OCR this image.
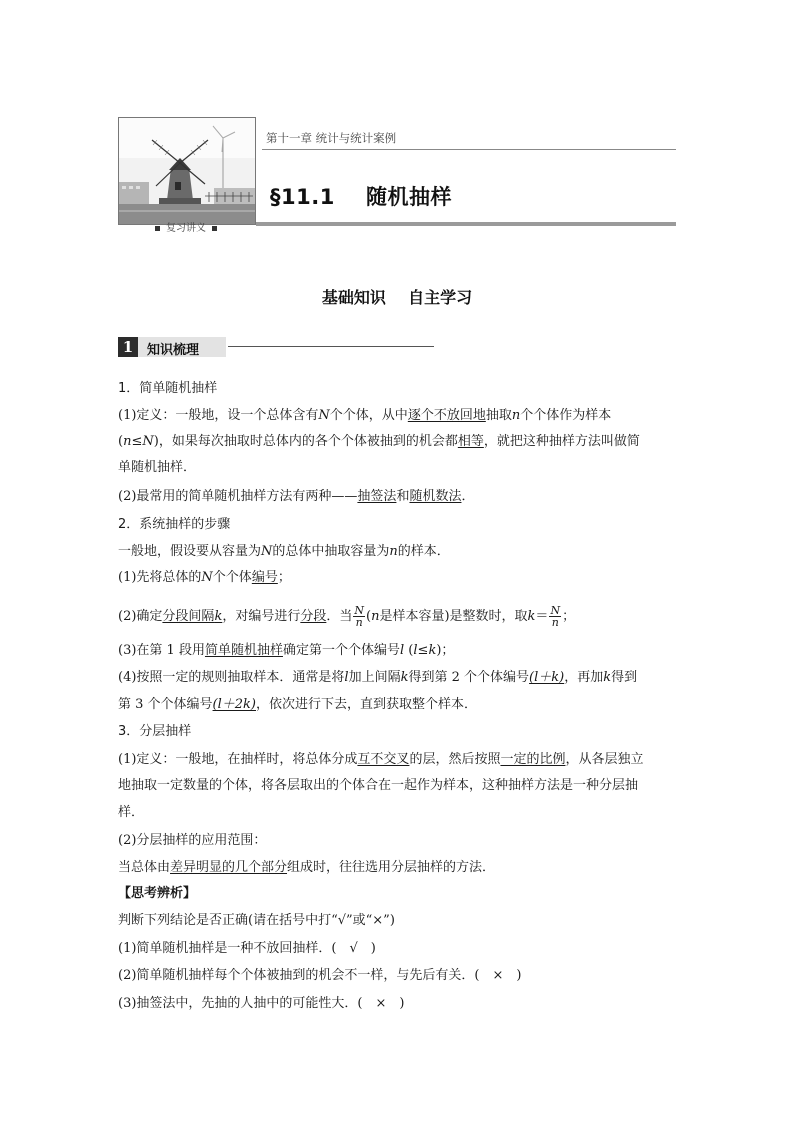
复习讲义
第十一章 统计与统计案例
§11.1    随机抽样
基础知识    自主学习
1	知识梳理
1．简单随机抽样
(1)定义：一般地，设一个总体含有N个个体，从中逐个不放回地抽取n个个体作为样本
(n≤N)，如果每次抽取时总体内的各个个体被抽到的机会都相等，就把这种抽样方法叫做简
单随机抽样．
(2)最常用的简单随机抽样方法有两种——抽签法和随机数法．
2．系统抽样的步骤
一般地，假设要从容量为N的总体中抽取容量为n的样本．
(1)先将总体的N个个体编号；
(2)确定分段间隔k，对编号进行分段．当 $\frac{N}{n} (n$是样本容量)是整数时，取$k= \frac{N}{n}$ ；
(3)在第 1 段用简单随机抽样确定第一个个体编号l (l≤k)；
(4)按照一定的规则抽取样本．通常是将l加上间隔k得到第 2 个个体编号(l＋k)，再加k得到
第 3 个个体编号(l＋2k)，依次进行下去，直到获取整个样本．
3．分层抽样
(1)定义：一般地，在抽样时，将总体分成互不交叉的层，然后按照一定的比例，从各层独立
地抽取一定数量的个体，将各层取出的个体合在一起作为样本，这种抽样方法是一种分层抽
样．
(2)分层抽样的应用范围：
当总体由差异明显的几个部分组成时，往往选用分层抽样的方法．
【思考辨析】
判断下列结论是否正确(请在括号中打“√”或“×”)
(1)简单随机抽样是一种不放回抽样．(　√　)
(2)简单随机抽样每个个体被抽到的机会不一样，与先后有关．(　×　)
(3)抽签法中，先抽的人抽中的可能性大．(　×　)
